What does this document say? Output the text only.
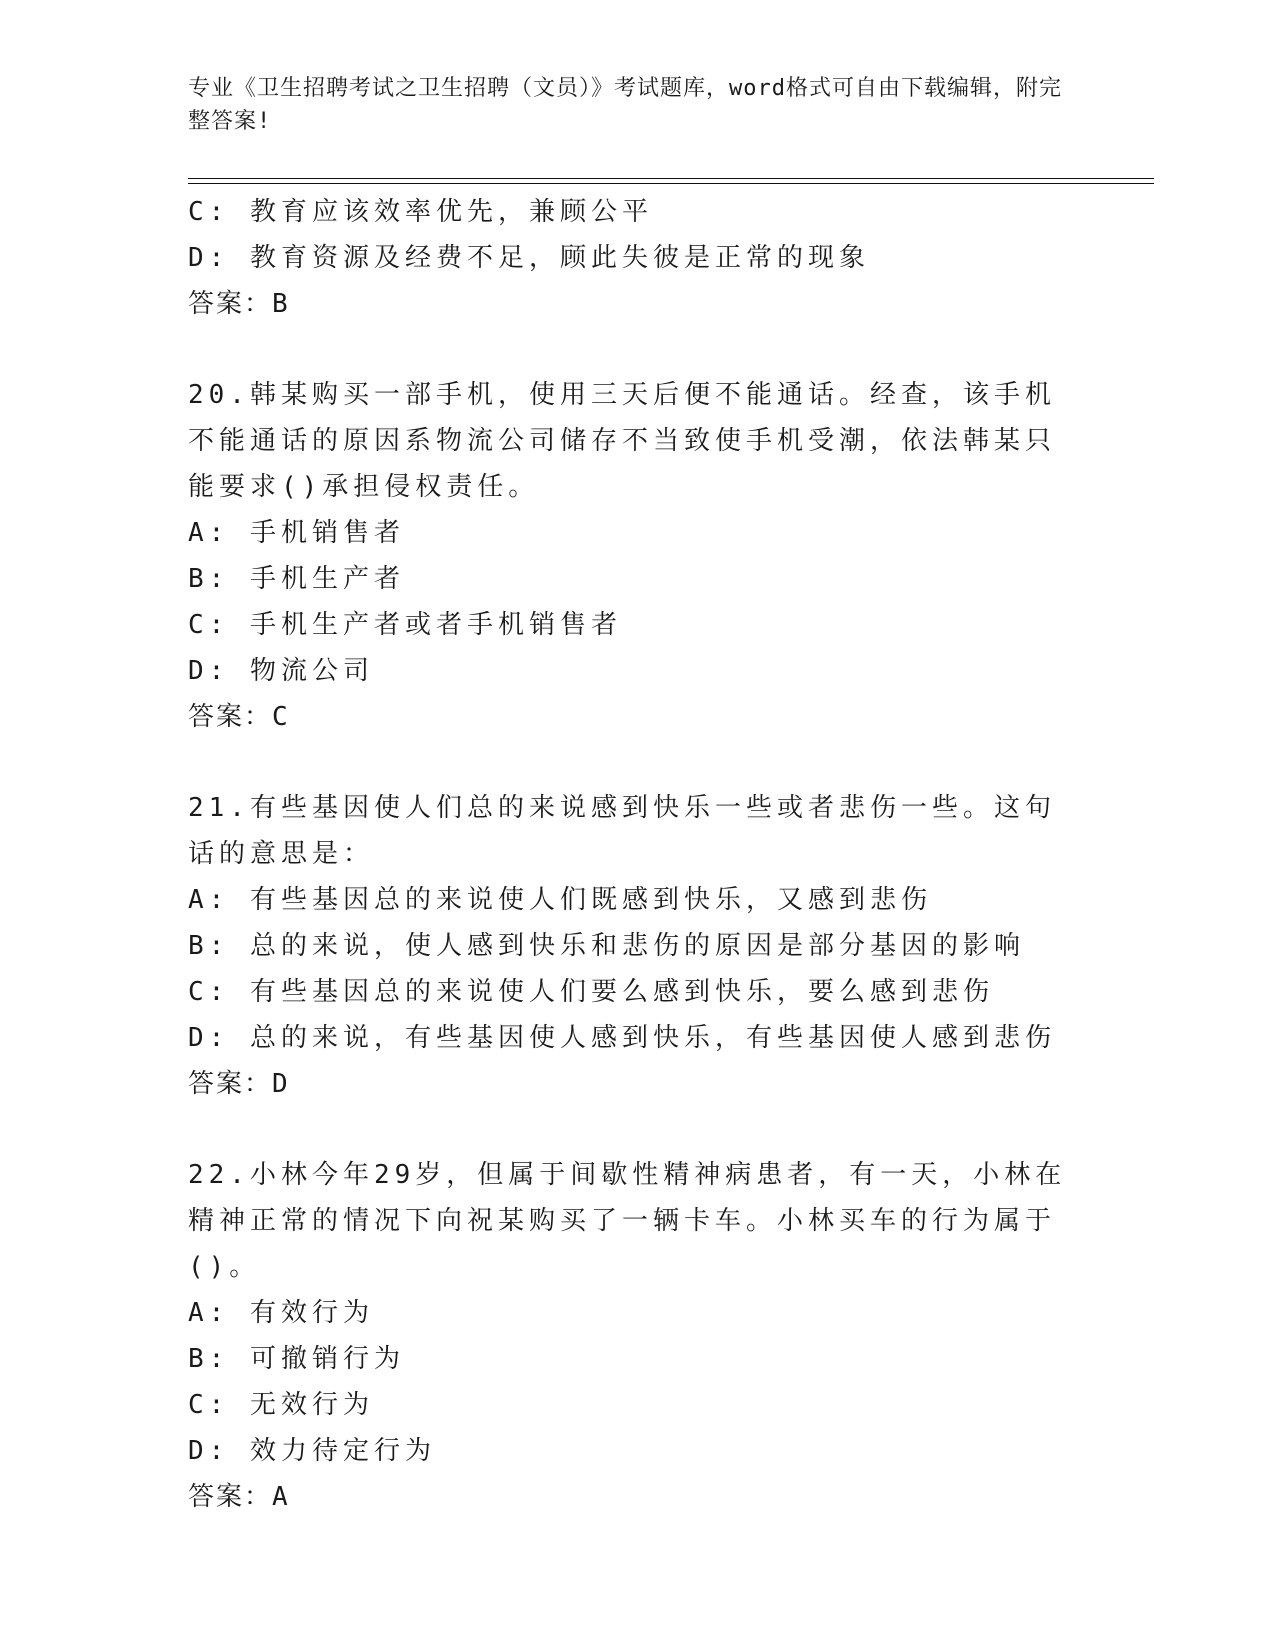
专业《卫生招聘考试之卫生招聘（文员）》考试题库，word格式可自由下载编辑，附完整答案!
C: 教育应该效率优先，兼顾公平
D: 教育资源及经费不足，顾此失彼是正常的现象
答案：B
20.韩某购买一部手机，使用三天后便不能通话。经查，该手机不能通话的原因系物流公司储存不当致使手机受潮，依法韩某只能要求()承担侵权责任。
A: 手机销售者
B: 手机生产者
C: 手机生产者或者手机销售者
D: 物流公司
答案：C
21.有些基因使人们总的来说感到快乐一些或者悲伤一些。这句话的意思是：
A: 有些基因总的来说使人们既感到快乐，又感到悲伤
B: 总的来说，使人感到快乐和悲伤的原因是部分基因的影响
C: 有些基因总的来说使人们要么感到快乐，要么感到悲伤
D: 总的来说，有些基因使人感到快乐，有些基因使人感到悲伤
答案：D
22.小林今年29岁，但属于间歇性精神病患者，有一天，小林在精神正常的情况下向祝某购买了一辆卡车。小林买车的行为属于()。
A: 有效行为
B: 可撤销行为
C: 无效行为
D: 效力待定行为
答案：A
